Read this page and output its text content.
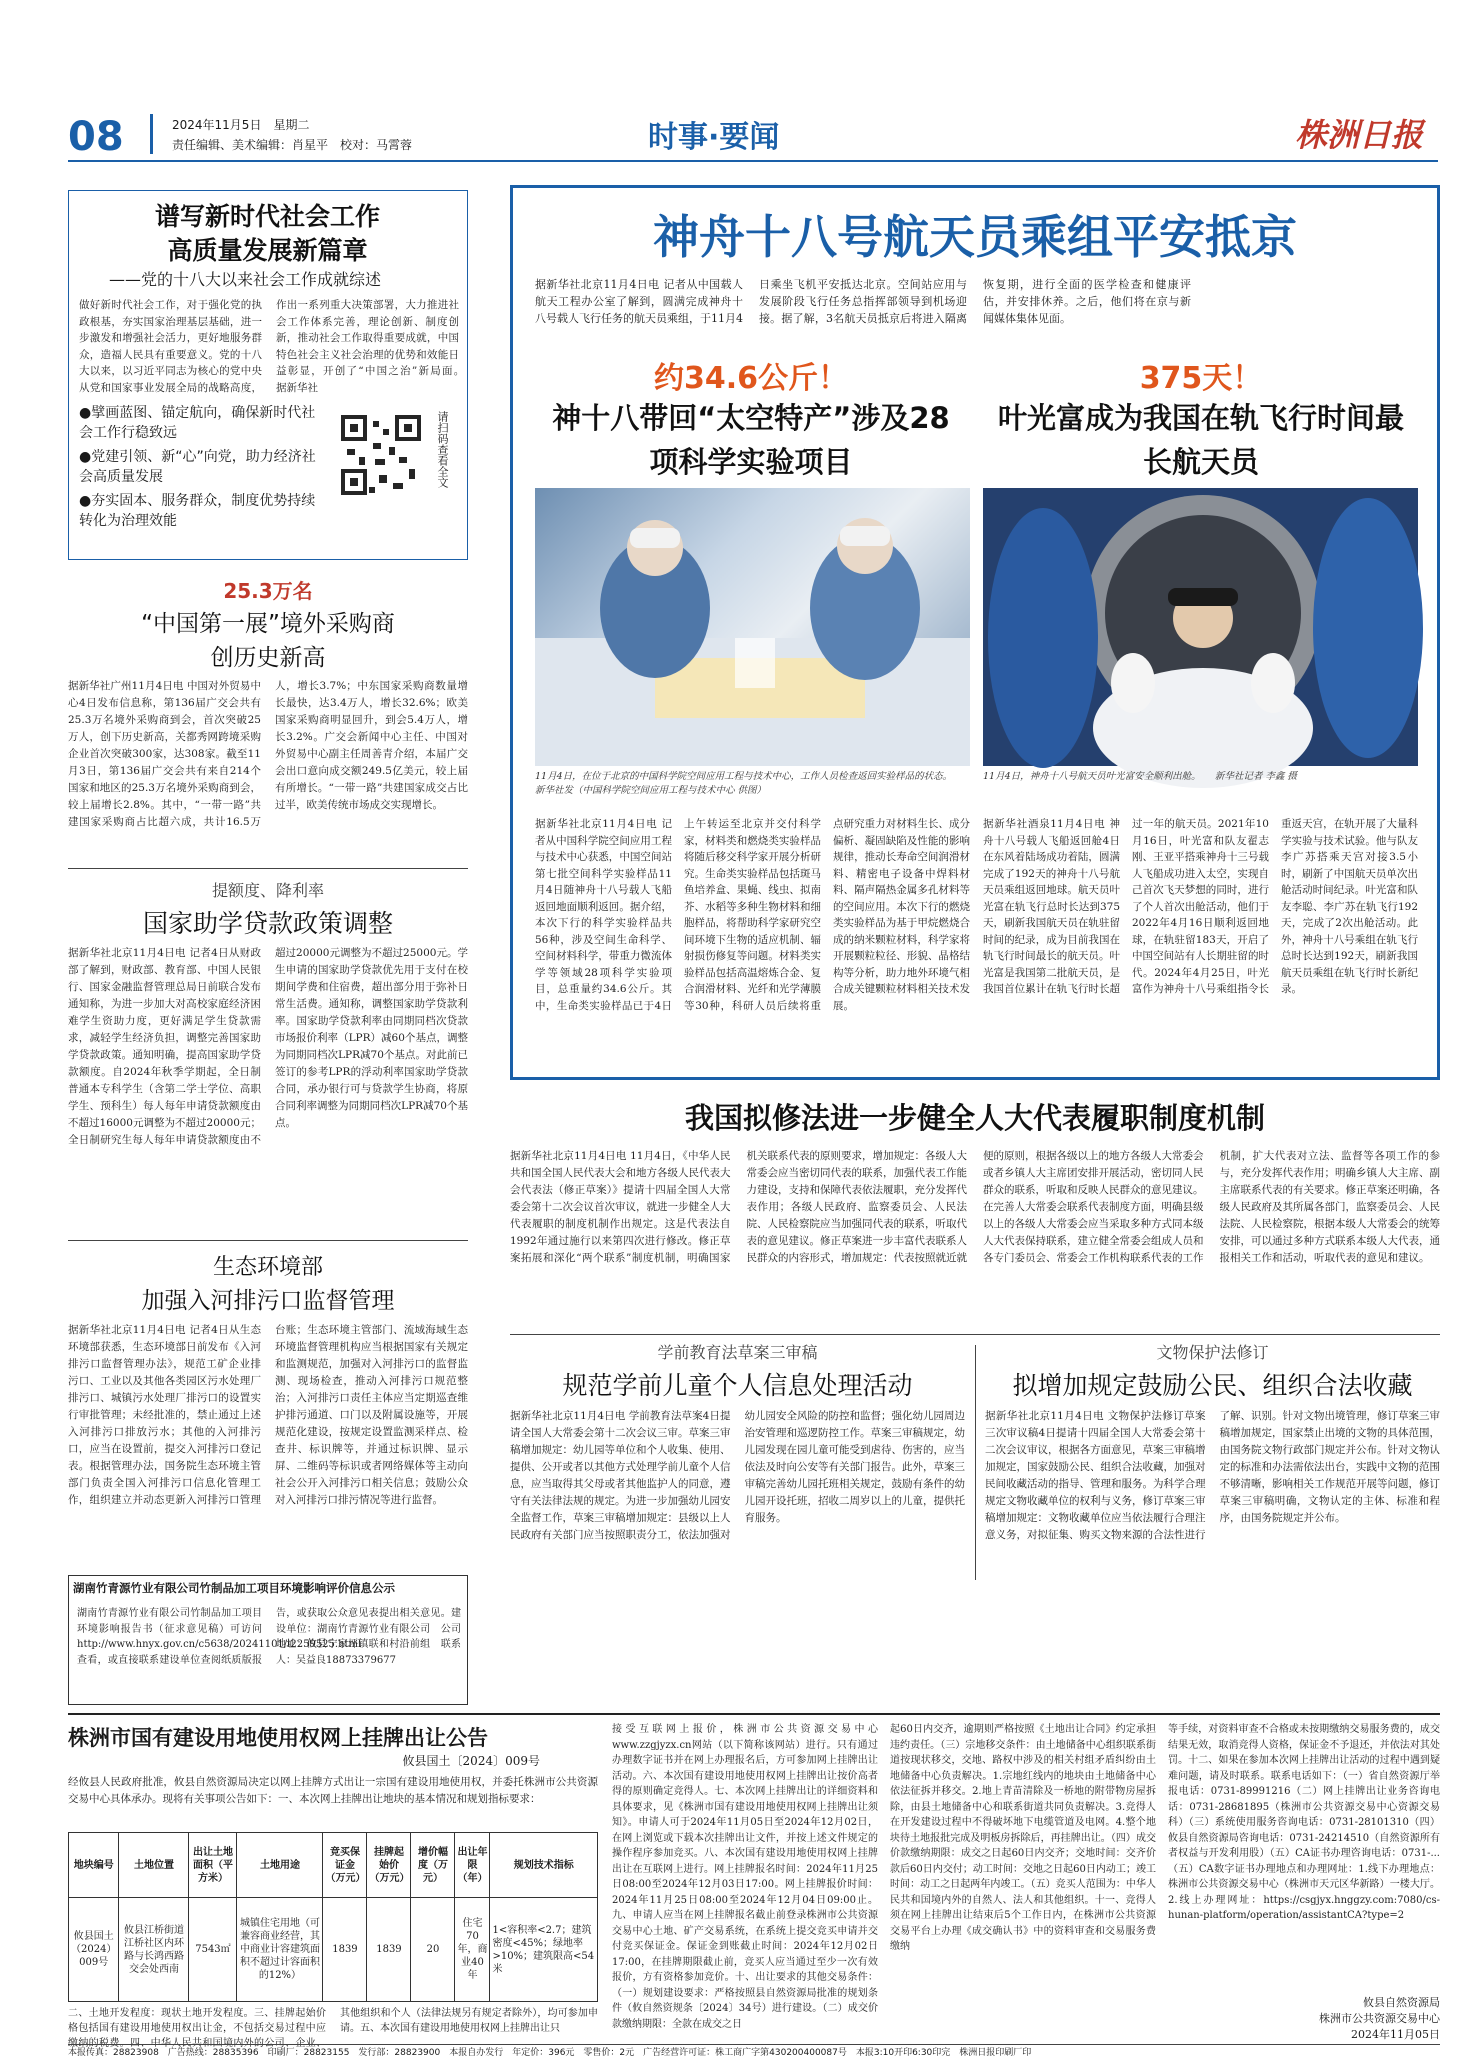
08	2024年11月5日　星期二
责任编辑、美术编辑：肖星平　校对：马霄蓉	时事·要闻	株洲日报
神舟十八号航天员乘组平安抵京
据新华社北京11月4日电 记者从中国载人航天工程办公室了解到，圆满完成神舟十八号载人飞行任务的航天员乘组，于11月4日乘坐飞机平安抵达北京。空间站应用与发展阶段飞行任务总指挥部领导到机场迎接。据了解，3名航天员抵京后将进入隔离恢复期，进行全面的医学检查和健康评估，并安排休养。之后，他们将在京与新闻媒体集体见面。
约34.6公斤！
神十八带回“太空特产”涉及28项科学实验项目
11月4日，在位于北京的中国科学院空间应用工程与技术中心，工作人员检查返回实验样品的状态。　　新华社发（中国科学院空间应用工程与技术中心 供图）
据新华社北京11月4日电 记者从中国科学院空间应用工程与技术中心获悉，中国空间站第七批空间科学实验样品11月4日随神舟十八号载人飞船返回地面顺利返回。据介绍，本次下行的科学实验样品共56种，涉及空间生命科学、空间材料科学，带重力微流体学等领域28项科学实验项目，总重量约34.6公斤。其中，生命类实验样品已于4日上午转运至北京并交付科学家，材料类和燃烧类实验样品将随后移交科学家开展分析研究。生命类实验样品包括斑马鱼培养盒、果蝇、线虫、拟南芥、水稻等多种生物材料和细胞样品，将帮助科学家研究空间环境下生物的适应机制、辐射损伤修复等问题。材料类实验样品包括高温熔炼合金、复合润滑材料、光纤和光学薄膜等30种，科研人员后续将重点研究重力对材料生长、成分偏析、凝固缺陷及性能的影响规律，推动长寿命空间润滑材料、精密电子设备中焊料材料、隔声隔热金属多孔材料等的空间应用。本次下行的燃烧类实验样品为基于甲烷燃烧合成的纳米颗粒材料，科学家将开展颗粒粒径、形貌、晶格结构等分析，助力地外环境气相合成关键颗粒材料相关技术发展。
375天！
叶光富成为我国在轨飞行时间最长航天员
11月4日，神舟十八号航天员叶光富安全顺利出舱。　　新华社记者 李鑫 摄
据新华社酒泉11月4日电 神舟十八号载人飞船返回舱4日在东风着陆场成功着陆，圆满完成了192天的神舟十八号航天员乘组返回地球。航天员叶光富在轨飞行总时长达到375天，刷新我国航天员在轨驻留时间的纪录，成为目前我国在轨飞行时间最长的航天员。叶光富是我国第二批航天员，是我国首位累计在轨飞行时长超过一年的航天员。2021年10月16日，叶光富和队友翟志刚、王亚平搭乘神舟十三号载人飞船成功进入太空，实现自己首次飞天梦想的同时，进行了个人首次出舱活动，他们于2022年4月16日顺利返回地球，在轨驻留183天，开启了中国空间站有人长期驻留的时代。2024年4月25日，叶光富作为神舟十八号乘组指令长重返天宫，在轨开展了大量科学实验与技术试验。他与队友李广苏搭乘天宫对接3.5小时，刷新了中国航天员单次出舱活动时间纪录。叶光富和队友李聪、李广苏在轨飞行192天，完成了2次出舱活动。此外，神舟十八号乘组在轨飞行总时长达到192天，刷新我国航天员乘组在轨飞行时长新纪录。
谱写新时代社会工作
高质量发展新篇章
——党的十八大以来社会工作成就综述
做好新时代社会工作，对于强化党的执政根基，夯实国家治理基层基础，进一步激发和增强社会活力，更好地服务群众，造福人民具有重要意义。党的十八大以来，以习近平同志为核心的党中央从党和国家事业发展全局的战略高度，作出一系列重大决策部署，大力推进社会工作体系完善，理论创新、制度创新，推动社会工作取得重要成就，中国特色社会主义社会治理的优势和效能日益彰显，开创了“中国之治”新局面。　　据新华社
●擘画蓝图、锚定航向，确保新时代社会工作行稳致远
●党建引领、新“心”向党，助力经济社会高质量发展
●夯实固本、服务群众，制度优势持续转化为治理效能
请扫码查看全文
25.3万名
“中国第一展”境外采购商
创历史新高
据新华社广州11月4日电 中国对外贸易中心4日发布信息称，第136届广交会共有25.3万名境外采购商到会，首次突破25万人，创下历史新高，关都秀网跨境采购企业首次突破300家，达308家。截至11月3日，第136届广交会共有来自214个国家和地区的25.3万名境外采购商到会，较上届增长2.8%。其中，“一带一路”共建国家采购商占比超六成，共计16.5万人，增长3.7%；中东国家采购商数量增长最快，达3.4万人，增长32.6%；欧美国家采购商明显回升，到会5.4万人，增长3.2%。广交会新闻中心主任、中国对外贸易中心副主任周善青介绍，本届广交会出口意向成交额249.5亿美元，较上届有所增长。“一带一路”共建国家成交占比过半，欧美传统市场成交实现增长。
提额度、降利率
国家助学贷款政策调整
据新华社北京11月4日电 记者4日从财政部了解到，财政部、教育部、中国人民银行、国家金融监督管理总局日前联合发布通知称，为进一步加大对高校家庭经济困难学生资助力度，更好满足学生贷款需求，减轻学生经济负担，调整完善国家助学贷款政策。通知明确，提高国家助学贷款额度。自2024年秋季学期起，全日制普通本专科学生（含第二学士学位、高职学生、预科生）每人每年申请贷款额度由不超过16000元调整为不超过20000元；全日制研究生每人每年申请贷款额度由不超过20000元调整为不超过25000元。学生申请的国家助学贷款优先用于支付在校期间学费和住宿费，超出部分用于弥补日常生活费。通知称，调整国家助学贷款利率。国家助学贷款利率由同期同档次贷款市场报价利率（LPR）减60个基点，调整为同期同档次LPR减70个基点。对此前已签订的参考LPR的浮动利率国家助学贷款合同，承办银行可与贷款学生协商，将原合同利率调整为同期同档次LPR减70个基点。
生态环境部
加强入河排污口监督管理
据新华社北京11月4日电 记者4日从生态环境部获悉，生态环境部日前发布《入河排污口监督管理办法》，规范工矿企业排污口、工业以及其他各类园区污水处理厂排污口、城镇污水处理厂排污口的设置实行审批管理；未经批准的，禁止通过上述入河排污口排放污水；其他的入河排污口，应当在设置前，提交入河排污口登记表。根据管理办法，国务院生态环境主管部门负责全国入河排污口信息化管理工作，组织建立并动态更新入河排污口管理台账；生态环境主管部门、流域海域生态环境监督管理机构应当根据国家有关规定和监测规范，加强对入河排污口的监督监测、现场检查，推动入河排污口规范整治；入河排污口责任主体应当定期巡查维护排污通道、口门以及附属设施等，开展规范化建设，按规定设置监测采样点、检查井、标识牌等，并通过标识牌、显示屏、二维码等标识或者网络媒体等主动向社会公开入河排污口相关信息；鼓励公众对入河排污口排污情况等进行监督。
湖南竹青源竹业有限公司竹制品加工项目环境影响评价信息公示
湖南竹青源竹业有限公司竹制品加工项目环境影响报告书（征求意见稿）可访问http://www.hnyx.gov.cn/c5638/20241101/i2259525.html查看，或直接联系建设单位查阅纸质版报告，或获取公众意见表提出相关意见。建设单位：湖南竹青源竹业有限公司　公司地址：攸县宁家坪镇联和村沿前组　联系人：吴益良18873379677
我国拟修法进一步健全人大代表履职制度机制
据新华社北京11月4日电 11月4日，《中华人民共和国全国人民代表大会和地方各级人民代表大会代表法（修正草案）》提请十四届全国人大常委会第十二次会议首次审议，就进一步健全人大代表履职的制度机制作出规定。这是代表法自1992年通过施行以来第四次进行修改。修正草案拓展和深化“两个联系”制度机制，明确国家机关联系代表的原则要求，增加规定：各级人大常委会应当密切同代表的联系，加强代表工作能力建设，支持和保障代表依法履职，充分发挥代表作用；各级人民政府、监察委员会、人民法院、人民检察院应当加强同代表的联系，听取代表的意见建议。修正草案进一步丰富代表联系人民群众的内容形式，增加规定：代表按照就近就便的原则，根据各级以上的地方各级人大常委会或者乡镇人大主席团安排开展活动，密切同人民群众的联系，听取和反映人民群众的意见建议。在完善人大常委会联系代表制度方面，明确县级以上的各级人大常委会应当采取多种方式同本级人大代表保持联系，建立健全常委会组成人员和各专门委员会、常委会工作机构联系代表的工作机制，扩大代表对立法、监督等各项工作的参与，充分发挥代表作用；明确乡镇人大主席、副主席联系代表的有关要求。修正草案还明确，各级人民政府及其所属各部门，监察委员会、人民法院、人民检察院，根据本级人大常委会的统筹安排，可以通过多种方式联系本级人大代表，通报相关工作和活动，听取代表的意见和建议。
学前教育法草案三审稿
规范学前儿童个人信息处理活动
据新华社北京11月4日电 学前教育法草案4日提请全国人大常委会第十二次会议三审。草案三审稿增加规定：幼儿园等单位和个人收集、使用、提供、公开或者以其他方式处理学前儿童个人信息，应当取得其父母或者其他监护人的同意，遵守有关法律法规的规定。为进一步加强幼儿园安全监督工作，草案三审稿增加规定：县级以上人民政府有关部门应当按照职责分工，依法加强对幼儿园安全风险的防控和监督；强化幼儿园周边治安管理和巡逻防控工作。草案三审稿规定，幼儿园发现在园儿童可能受到虐待、伤害的，应当依法及时向公安等有关部门报告。此外，草案三审稿完善幼儿园托班相关规定，鼓励有条件的幼儿园开设托班，招收二周岁以上的儿童，提供托育服务。
文物保护法修订
拟增加规定鼓励公民、组织合法收藏
据新华社北京11月4日电 文物保护法修订草案三次审议稿4日提请十四届全国人大常委会第十二次会议审议，根据各方面意见，草案三审稿增加规定，国家鼓励公民、组织合法收藏，加强对民间收藏活动的指导、管理和服务。为科学合理规定文物收藏单位的权利与义务，修订草案三审稿增加规定：文物收藏单位应当依法履行合理注意义务，对拟征集、购买文物来源的合法性进行了解、识别。针对文物出境管理，修订草案三审稿增加规定，国家禁止出境的文物的具体范围，由国务院文物行政部门规定并公布。针对文物认定的标准和办法需依法出台，实践中文物的范围不够清晰，影响相关工作规范开展等问题，修订草案三审稿明确，文物认定的主体、标准和程序，由国务院规定并公布。
株洲市国有建设用地使用权网上挂牌出让公告
攸县国土〔2024〕009号
经攸县人民政府批准，攸县自然资源局决定以网上挂牌方式出让一宗国有建设用地使用权，并委托株洲市公共资源交易中心具体承办。现将有关事项公告如下：一、本次网上挂牌出让地块的基本情况和规划指标要求：
地块编号	土地位置	出让土地面积（平方米）	土地用途	竞买保证金（万元）	挂牌起始价（万元）	增价幅度（万元）	出让年限（年）	规划技术指标
攸县国土（2024）009号	攸县江桥街道江桥社区内环路与长鸿西路交会处西南	7543㎡	城镇住宅用地（可兼容商业经营，其中商业计容建筑面积不超过计容面积的12%）	1839	1839	20	住宅70年，商业40年	1<容积率<2.7；建筑密度<45%；绿地率>10%；建筑限高<54米
二、土地开发程度：现状土地开发程度。三、挂牌起始价格包括国有建设用地使用权出让金，不包括交易过程中应 其他组织和个人（法律法规另有规定者除外），均可参加申请。五、本次国有建设用地使用权网上挂牌出让只
接受互联网上报价，株洲市公共资源交易中心www.zzgjyzx.cn网站（以下简称该网站）进行。只有通过办理数字证书并在网上办理报名后，方可参加网上挂牌出让活动。六、本次国有建设用地使用权网上挂牌出让按价高者得的原则确定竞得人。七、本次网上挂牌出让的详细资料和具体要求，见《株洲市国有建设用地使用权网上挂牌出让须知》。申请人可于2024年11月05日至2024年12月02日，在网上浏览或下载本次挂牌出让文件，并按上述文件规定的操作程序参加竞买。八、本次国有建设用地使用权网上挂牌出让在互联网上进行。网上挂牌报名时间：2024年11月25日08:00至2024年12月03日17:00。网上挂牌报价时间：2024年11月25日08:00至2024年12月04日09:00止。九、申请人应当在网上挂牌报名截止前登录株洲市公共资源交易中心土地、矿产交易系统，在系统上提交竞买申请并交付竞买保证金。保证金到账截止时间：2024年12月02日17:00，在挂牌期限截止前，竞买人应当通过至少一次有效报价，方有资格参加竞价。十、出让要求的其他交易条件：（一）规划建设要求：严格按照县自然资源局批准的规划条件（攸自然资规条〔2024〕34号）进行建设。（二）成交价款缴纳期限：全款在成交之日
起60日内交齐，逾期则严格按照《土地出让合同》约定承担违约责任。（三）宗地移交条件：由土地储备中心组织联系街道按现状移交，交地、路权中涉及的相关村组矛盾纠纷由土地储备中心负责解决。1.宗地红线内的地块由土地储备中心依法征拆并移交。2.地上青苗清除及一桥地的附带物房屋拆除，由县土地储备中心和联系街道共同负责解决。3.竞得人在开发建设过程中不得破坏地下电缆管道及电网。4.整个地块待土地报批完成及明板房拆除后，再挂牌出让。（四）成交价款缴纳期限：成交之日起60日内交齐；交地时间：交齐价款后60日内交付；动工时间：交地之日起60日内动工；竣工时间：动工之日起两年内竣工。（五）竞买人范围为：中华人民共和国境内外的自然人、法人和其他组织。十一、竞得人须在网上挂牌出让结束后5个工作日内，在株洲市公共资源交易平台上办理《成交确认书》中的资料审查和交易服务费缴纳
等手续，对资料审查不合格或未按期缴纳交易服务费的，成交结果无效，取消竞得人资格，保证金不予退还，并依法对其处罚。十二、如果在参加本次网上挂牌出让活动的过程中遇到疑难问题，请及时联系。联系电话如下：（一）省自然资源厅举报电话：0731-89991216（二）网上挂牌出让业务咨询电话：0731-28681895（株洲市公共资源交易中心资源交易科）（三）系统使用服务咨询电话：0731-28101310（四）攸县自然资源局咨询电话：0731-24214510（自然资源所有者权益与开发利用股）（五）CA证书办理咨询电话：0731-...（五）CA数字证书办理地点和办理网址：1.线下办理地点：株洲市公共资源交易中心（株洲市天元区华新路）一楼大厅。2.线上办理网址：https://csgjyx.hnggzy.com:7080/cs-hunan-platform/operation/assistantCA?type=2
攸县自然资源局
株洲市公共资源交易中心
2024年11月05日
本报传真：28823908　广告热线：28835396　印刷厂：28823155　发行部：28823900　本报自办发行　年定价：396元　零售价：2元　广告经营许可证：株工商广字第430200400087号　本报3:10开印6:30印完　株洲日报印刷厂印
